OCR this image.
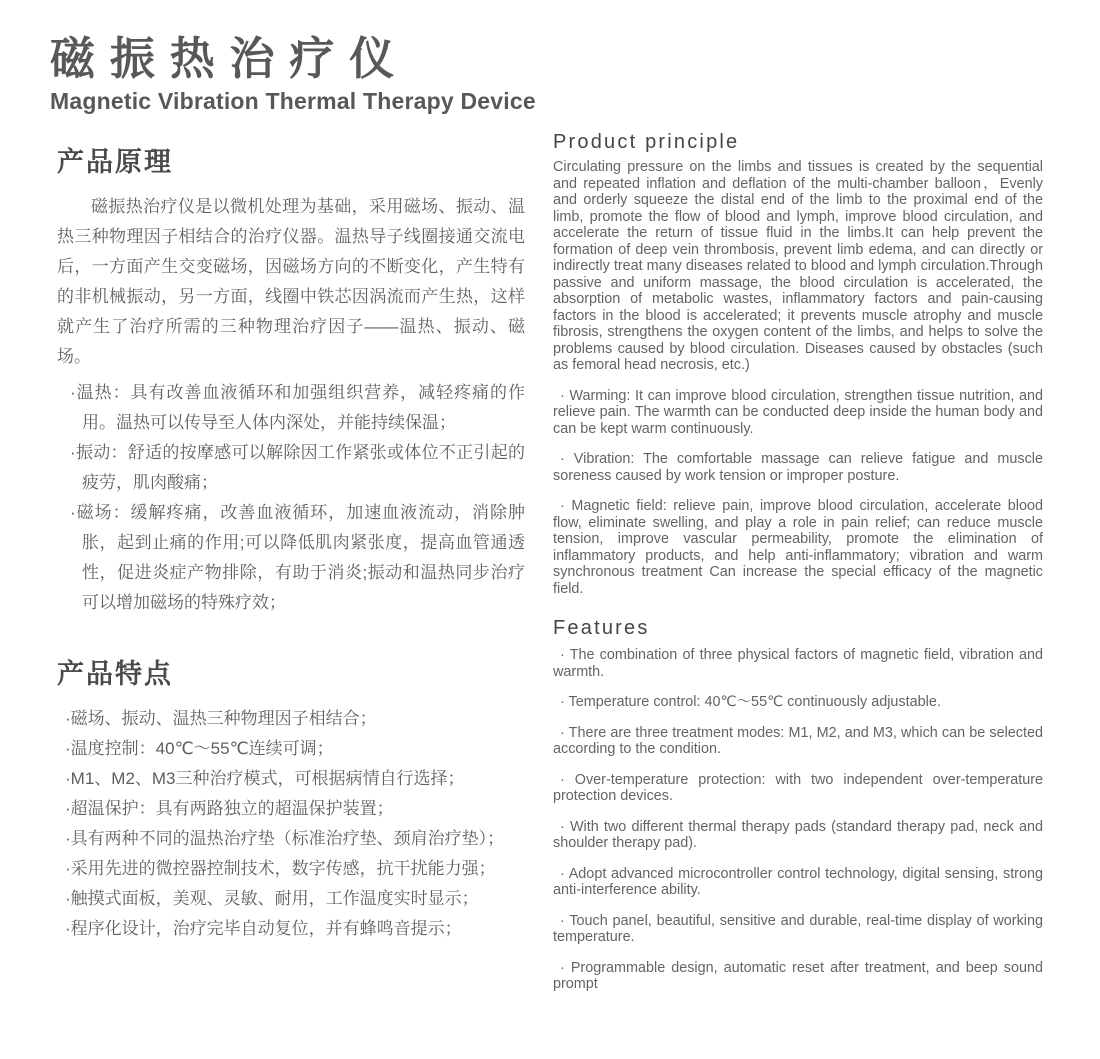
磁振热治疗仪
Magnetic Vibration Thermal Therapy Device
产品原理

磁振热治疗仪是以微机处理为基础，采用磁场、振动、温热三种物理因子相结合的治疗仪器。温热导子线圈接通交流电后，一方面产生交变磁场，因磁场方向的不断变化，产生特有的非机械振动，另一方面，线圈中铁芯因涡流而产生热，这样就产生了治疗所需的三种物理治疗因子——温热、振动、磁场。

·温热：具有改善血液循环和加强组织营养，减轻疼痛的作用。温热可以传导至人体内深处，并能持续保温；
·振动：舒适的按摩感可以解除因工作紧张或体位不正引起的疲劳，肌肉酸痛；
·磁场：缓解疼痛，改善血液循环，加速血液流动，消除肿胀，起到止痛的作用;可以降低肌肉紧张度，提高血管通透性，促进炎症产物排除，有助于消炎;振动和温热同步治疗可以增加磁场的特殊疗效；
产品特点
·磁场、振动、温热三种物理因子相结合；
·温度控制：40℃～55℃连续可调；
·M1、M2、M3三种治疗模式，可根据病情自行选择；
·超温保护：具有两路独立的超温保护装置；
·具有两种不同的温热治疗垫（标准治疗垫、颈肩治疗垫）；
·采用先进的微控器控制技术，数字传感，抗干扰能力强；
·触摸式面板，美观、灵敏、耐用，工作温度实时显示；
·程序化设计，治疗完毕自动复位，并有蜂鸣音提示；
Product principle

Circulating pressure on the limbs and tissues is created by the sequential and repeated inflation and deflation of the multi-chamber balloon，Evenly and orderly squeeze the distal end of the limb to the proximal end of the limb, promote the flow of blood and lymph, improve blood circulation, and accelerate the return of tissue fluid in the limbs.It can help prevent the formation of deep vein thrombosis, prevent limb edema, and can directly or indirectly treat many diseases related to blood and lymph circulation.Through passive and uniform massage, the blood circulation is accelerated, the absorption of metabolic wastes, inflammatory factors and pain-causing factors in the blood is accelerated; it prevents muscle atrophy and muscle fibrosis, strengthens the oxygen content of the limbs, and helps to solve the problems caused by blood circulation. Diseases caused by obstacles (such as femoral head necrosis, etc.)

· Warming: It can improve blood circulation, strengthen tissue nutrition, and relieve pain. The warmth can be conducted deep inside the human body and can be kept warm continuously.

· Vibration: The comfortable massage can relieve fatigue and muscle soreness caused by work tension or improper posture.

· Magnetic field: relieve pain, improve blood circulation, accelerate blood flow, eliminate swelling, and play a role in pain relief; can reduce muscle tension, improve vascular permeability, promote the elimination of inflammatory products, and help anti-inflammatory; vibration and warm synchronous treatment Can increase the special efficacy of the magnetic field.

Features

· The combination of three physical factors of magnetic field, vibration and warmth.

· Temperature control: 40℃～55℃ continuously adjustable.

· There are three treatment modes: M1, M2, and M3, which can be selected according to the condition.

· Over-temperature protection: with two independent over-temperature protection devices.

· With two different thermal therapy pads (standard therapy pad, neck and shoulder therapy pad).

· Adopt advanced microcontroller control technology, digital sensing, strong anti-interference ability.

· Touch panel, beautiful, sensitive and durable, real-time display of working temperature.

· Programmable design, automatic reset after treatment, and beep sound prompt
